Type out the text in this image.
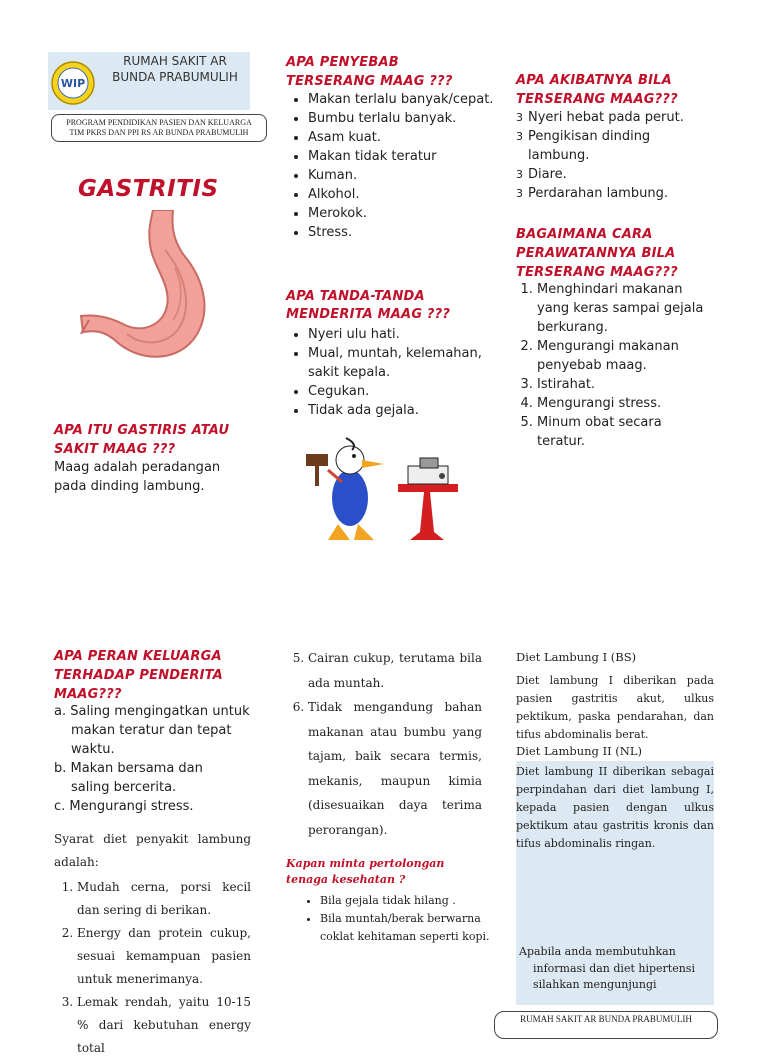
WIP
RUMAH SAKIT AR
BUNDA PRABUMULIH
PROGRAM PENDIDIKAN PASIEN DAN KELUARGA
TIM PKRS DAN PPI RS AR BUNDA PRABUMULIH
GASTRITIS
APA ITU GASTIRIS ATAU SAKIT MAAG ???
Maag adalah peradangan pada dinding lambung.
APA PENYEBAB TERSERANG MAAG ???
• Makan terlalu banyak/cepat.
• Bumbu terlalu banyak.
• Asam kuat.
• Makan tidak teratur
• Kuman.
• Alkohol.
• Merokok.
• Stress.
APA TANDA-TANDA MENDERITA MAAG ???
• Nyeri ulu hati.
• Mual, muntah, kelemahan, sakit kepala.
• Cegukan.
• Tidak ada gejala.
APA AKIBATNYA BILA TERSERANG MAAG???
3 Nyeri hebat pada perut.
3 Pengikisan dinding lambung.
3 Diare.
3 Perdarahan lambung.
BAGAIMANA CARA PERAWATANNYA BILA TERSERANG MAAG???
1. Menghindari makanan yang keras sampai gejala berkurang.
2. Mengurangi makanan penyebab maag.
3. Istirahat.
4. Mengurangi stress.
5. Minum obat secara teratur.
APA PERAN KELUARGA TERHADAP PENDERITA MAAG???
a. Saling mengingatkan untuk makan teratur dan tepat waktu.
b. Makan bersama dan saling bercerita.
c. Mengurangi stress.
Syarat diet penyakit lambung adalah:
1. Mudah cerna, porsi kecil dan sering di berikan.
2. Energy dan protein cukup, sesuai kemampuan pasien untuk menerimanya.
3. Lemak rendah, yaitu 10-15 % dari kebutuhan energy total
5. Cairan cukup, terutama bila ada muntah.
6. Tidak mengandung bahan makanan atau bumbu yang tajam, baik secara termis, mekanis, maupun kimia (disesuaikan daya terima perorangan).
Kapan minta pertolongan tenaga kesehatan ?
• Bila gejala tidak hilang .
• Bila muntah/berak berwarna coklat kehitaman seperti kopi.
Diet Lambung I (BS)
Diet lambung I diberikan pada pasien gastritis akut, ulkus pektikum, paska pendarahan, dan tifus abdominalis berat.
Diet Lambung II (NL)
Diet lambung II diberikan sebagai perpindahan dari diet lambung I, kepada pasien dengan ulkus pektikum atau gastritis kronis dan tifus abdominalis ringan.
Apabila anda membutuhkan informasi dan diet hipertensi silahkan mengunjungi
RUMAH SAKIT AR BUNDA PRABUMULIH
